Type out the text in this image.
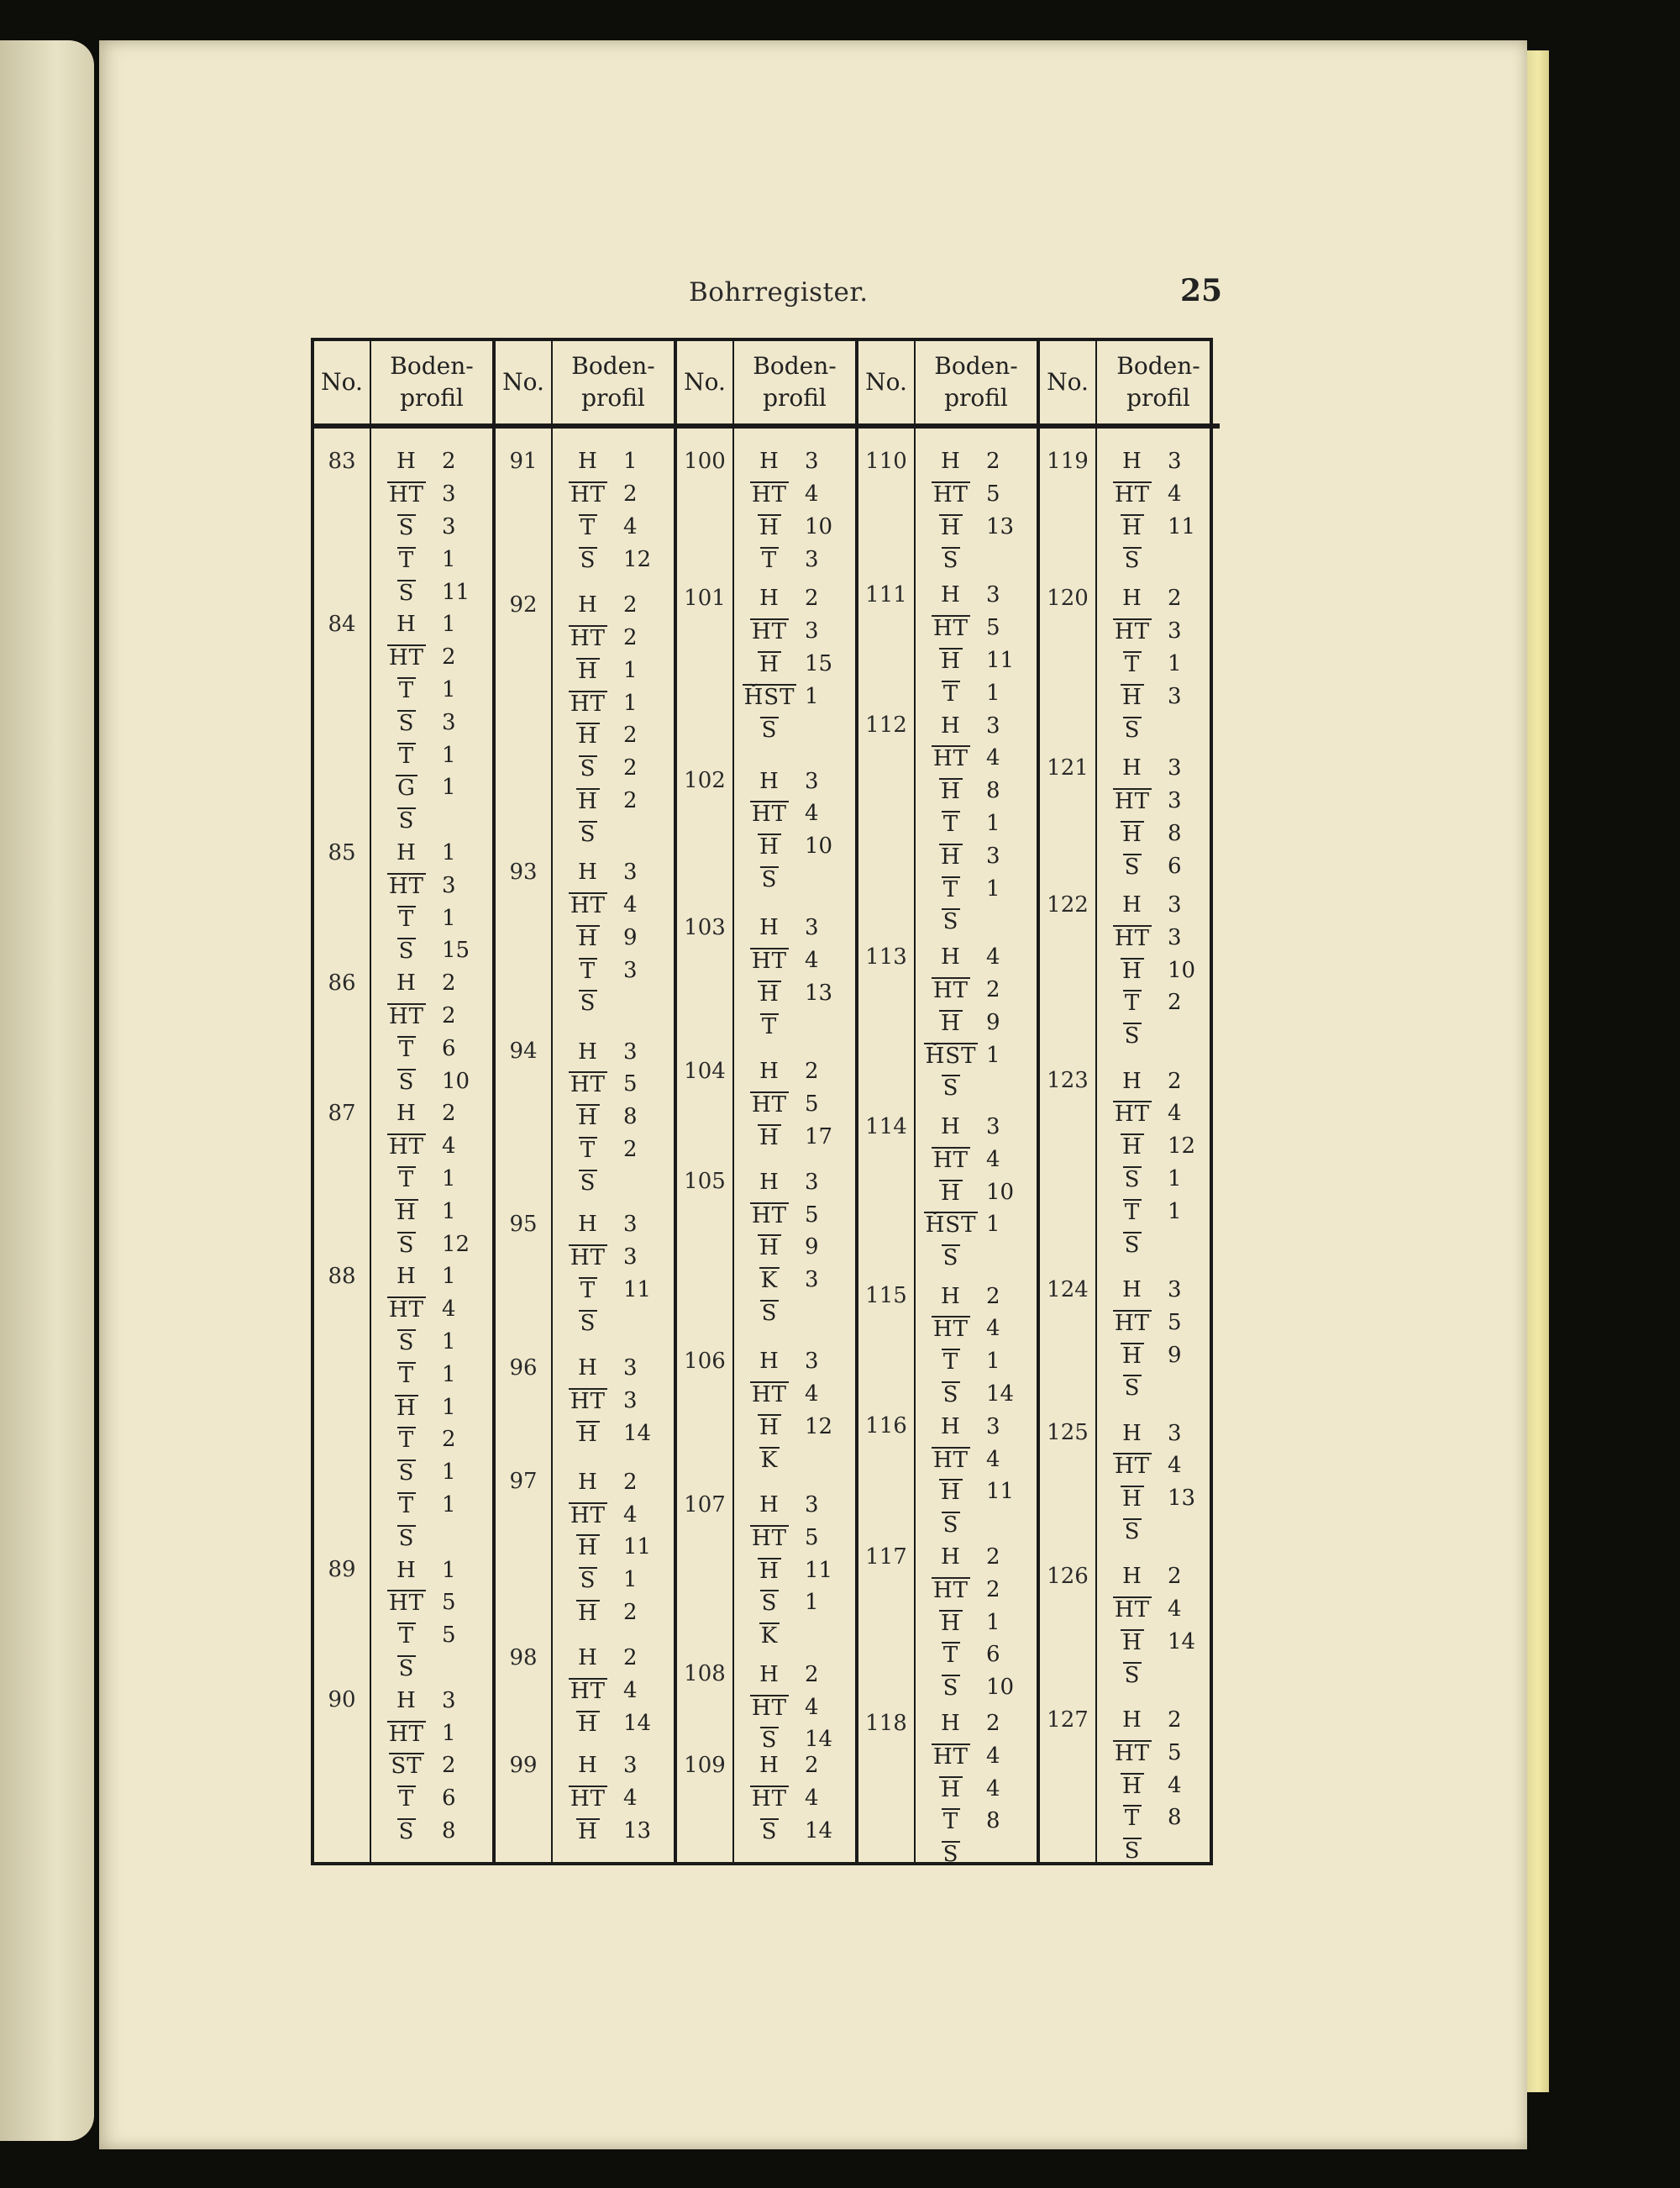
Bohrregister.	25
No.
83
84
85
86
87
88
89
90
Boden-
profil
H 2
HT 3
S 3
T 1
S 11
H 1
HT 2
T 1
S 3
T 1
G 1
S
H 1
HT 3
T 1
S 15
H 2
HT 2
T 6
S 10
H 2
HT 4
T 1
H 1
S 12
H 1
HT 4
S 1
T 1
H 1
T 2
S 1
T 1
S
H 1
HT 5
T 5
S
H 3
HT 1
ST 2
T 6
S 8
No.
91
92
93
94
95
96
97
98
99
Boden-
profil
H 1
HT 2
T 4
S 12
H 2
HT 2
H 1
HT 1
H 2
S 2
H 2
S
H 3
HT 4
H 9
T 3
S
H 3
HT 5
H 8
T 2
S
H 3
HT 3
T 11
S
H 3
HT 3
H 14
H 2
HT 4
H 11
S 1
H 2
H 2
HT 4
H 14
H 3
HT 4
H 13
No.
100
101
102
103
104
105
106
107
108
109
Boden-
profil
H 3
HT 4
H 10
T 3
H 2
HT 3
H 15
ȞST 1
S
H 3
HT 4
H 10
S
H 3
HT 4
H 13
T
H 2
HT 5
H 17
H 3
HT 5
H 9
K 3
S
H 3
HT 4
H 12
K
H 3
HT 5
H 11
S 1
K
H 2
HT 4
S 14
H 2
HT 4
S 14
No.
110
111
112
113
114
115
116
117
118
Boden-
profil
H 2
HT 5
H 13
S
H 3
HT 5
H 11
T 1
H 3
HT 4
H 8
T 1
H 3
T 1
S
H 4
HT 2
H 9
ȞST 1
S
H 3
HT 4
H 10
ȞST 1
S
H 2
HT 4
T 1
S 14
H 3
HT 4
H 11
S
H 2
HT 2
H 1
T 6
S 10
H 2
HT 4
H 4
T 8
S
No.
119
120
121
122
123
124
125
126
127
Boden-
profil
H 3
HT 4
H 11
S
H 2
HT 3
T 1
H 3
S
H 3
HT 3
H 8
S 6
H 3
HT 3
H 10
T 2
S
H 2
HT 4
H 12
S 1
T 1
S
H 3
HT 5
H 9
S
H 3
HT 4
H 13
S
H 2
HT 4
H 14
S
H 2
HT 5
H 4
T 8
S
